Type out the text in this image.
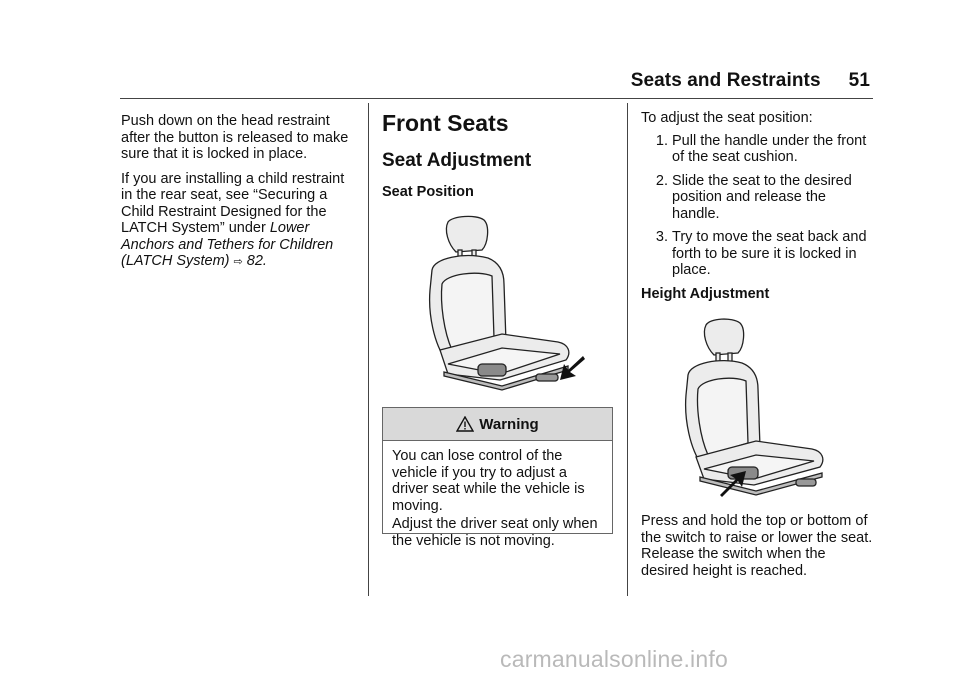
Seats and Restraints 51

Push down on the head restraint after the button is released to make sure that it is locked in place.

If you are installing a child restraint in the rear seat, see “Securing a Child Restraint Designed for the LATCH System” under Lower Anchors and Tethers for Children (LATCH System) ⇨ 82.

Front Seats
Seat Adjustment
Seat Position
Warning

You can lose control of the vehicle if you try to adjust a driver seat while the vehicle is moving.

Adjust the driver seat only when the vehicle is not moving.

To adjust the seat position:
1. Pull the handle under the front of the seat cushion.
2. Slide the seat to the desired position and release the handle.
3. Try to move the seat back and forth to be sure it is locked in place.
Height Adjustment
Press and hold the top or bottom of the switch to raise or lower the seat. Release the switch when the desired height is reached.
carmanualsonline.info
